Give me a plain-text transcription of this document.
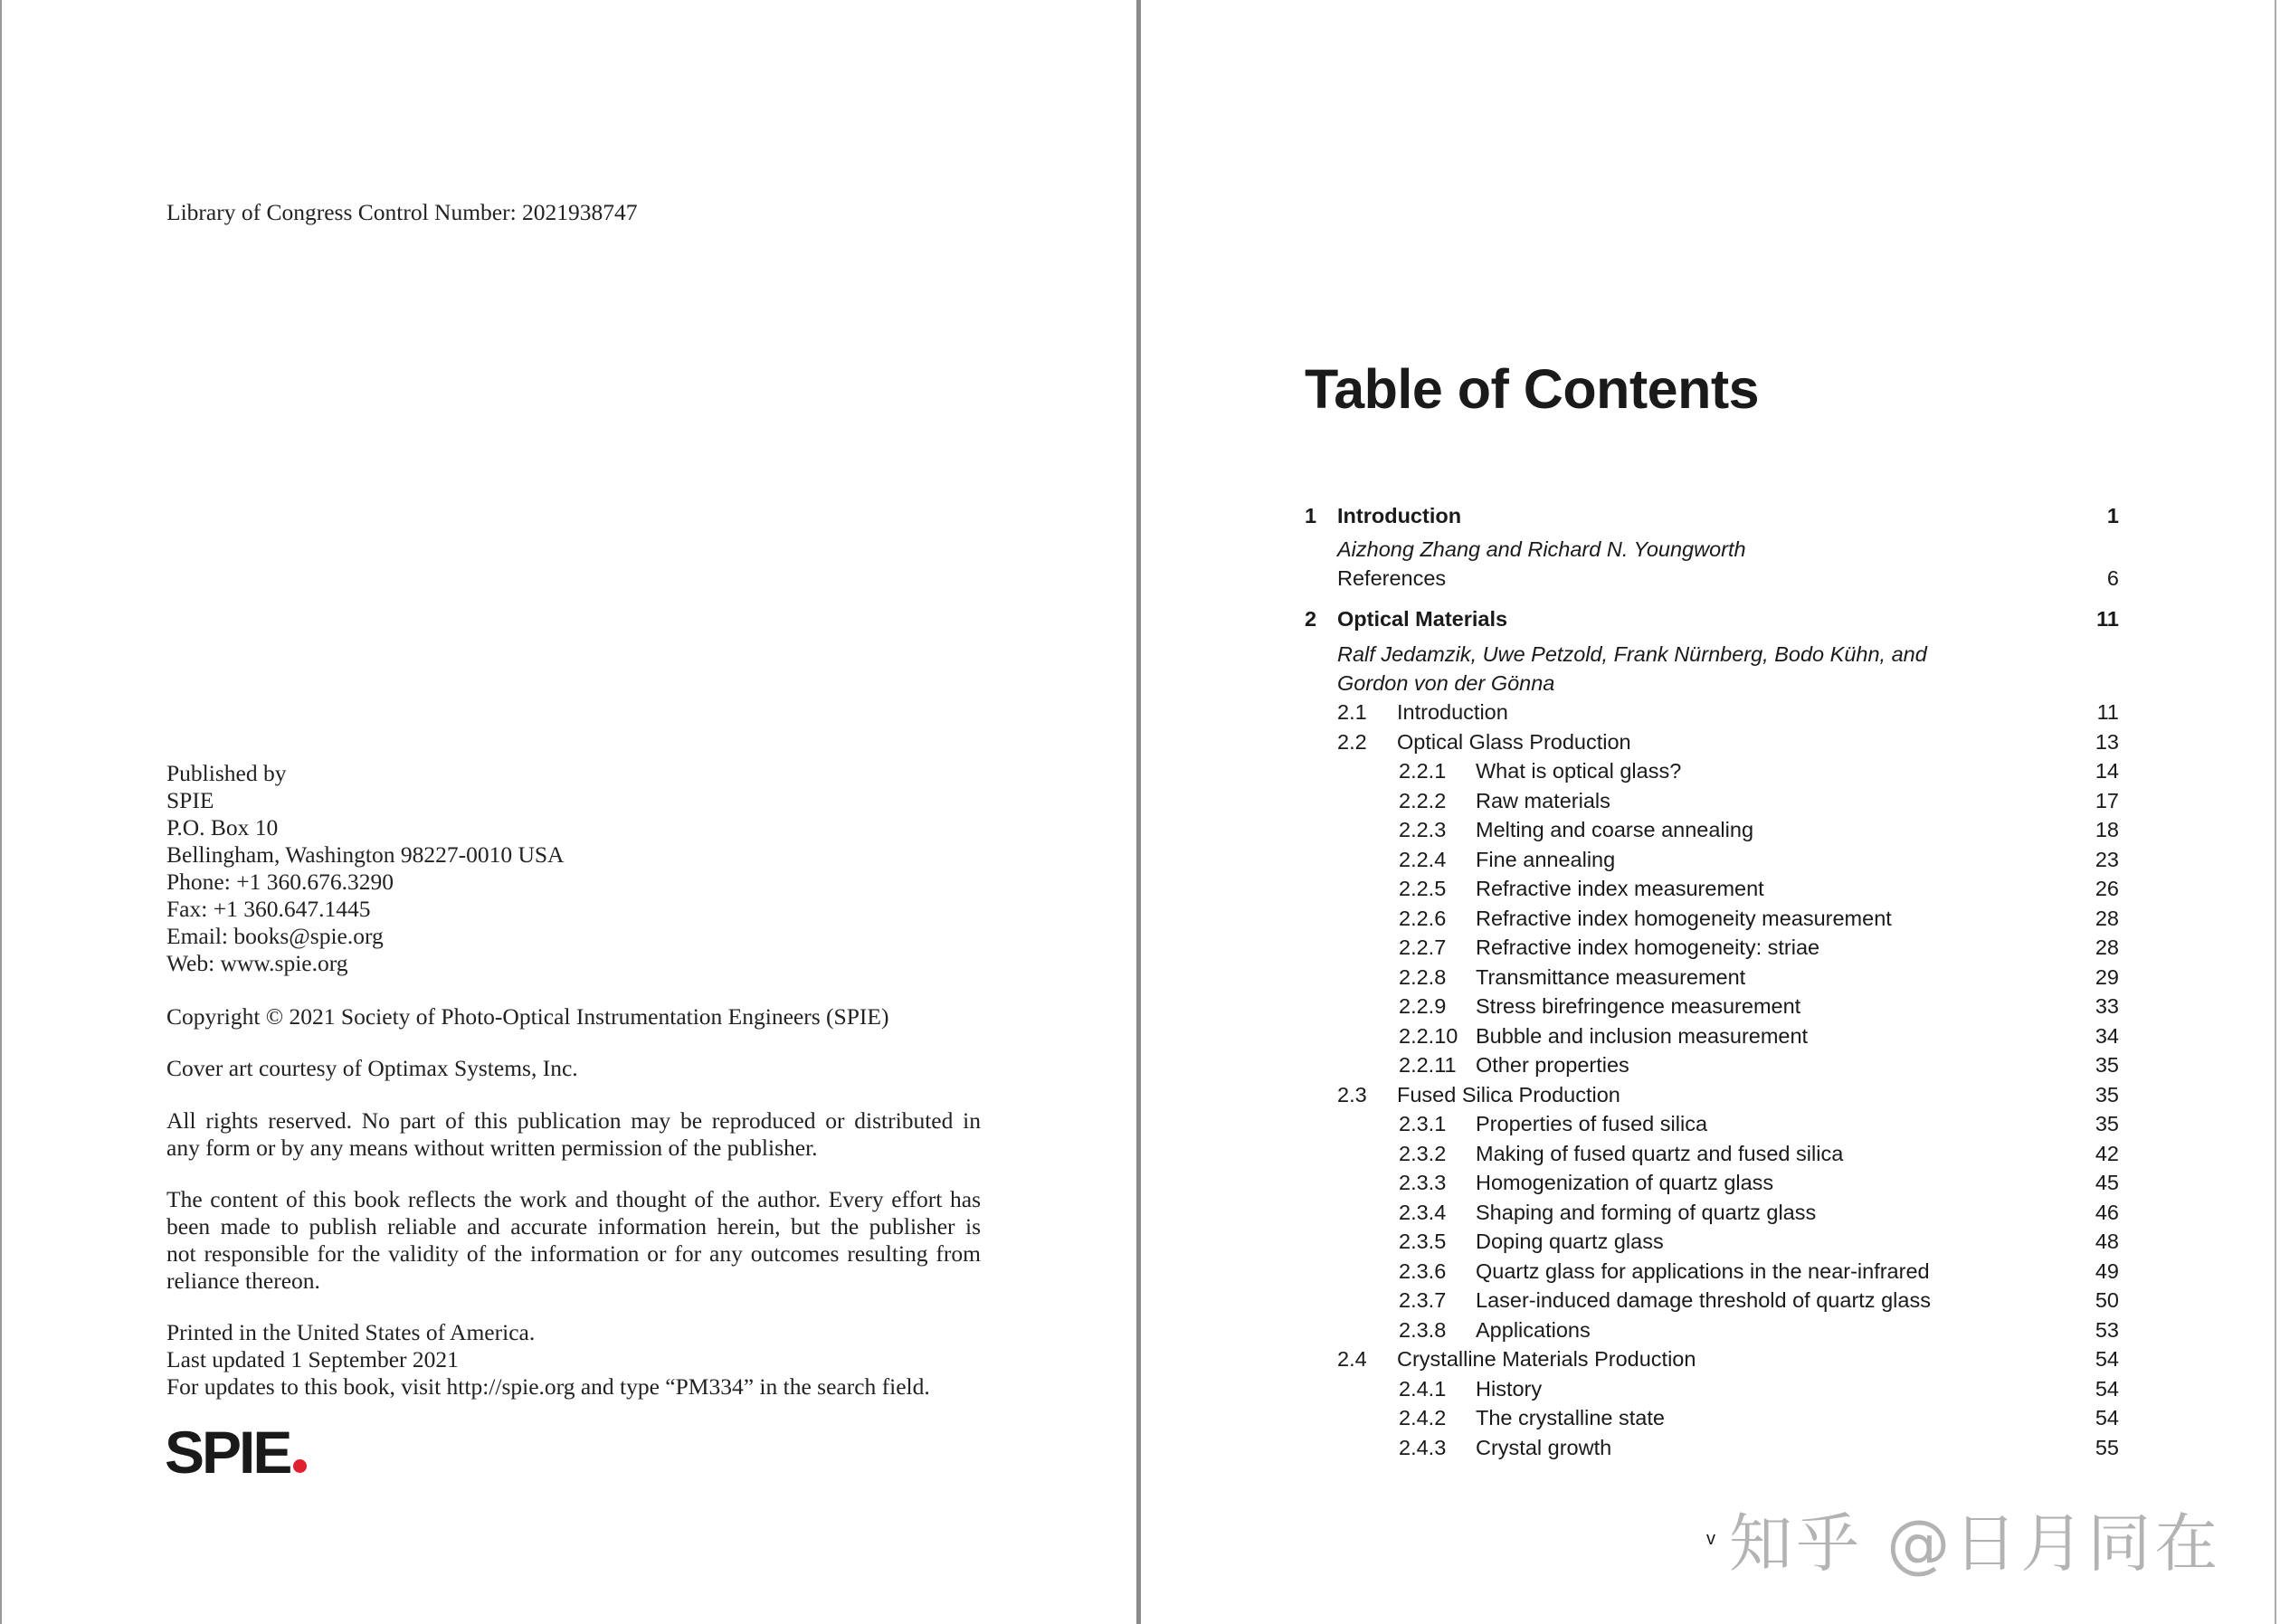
Library of Congress Control Number: 2021938747
Published by
SPIE
P.O. Box 10
Bellingham, Washington 98227-0010 USA
Phone: +1 360.676.3290
Fax: +1 360.647.1445
Email: books@spie.org
Web: www.spie.org
Copyright © 2021 Society of Photo-Optical Instrumentation Engineers (SPIE)
Cover art courtesy of Optimax Systems, Inc.
All rights reserved. No part of this publication may be reproduced or distributed in
any form or by any means without written permission of the publisher.
The content of this book reflects the work and thought of the author. Every effort has
been made to publish reliable and accurate information herein, but the publisher is
not responsible for the validity of the information or for any outcomes resulting from
reliance thereon.
Printed in the United States of America.
Last updated 1 September 2021
For updates to this book, visit http://spie.org and type “PM334” in the search field.
SPIE
Table of Contents
1 Introduction	1
Aizhong Zhang and Richard N. Youngworth
References	6
2 Optical Materials	11
Ralf Jedamzik, Uwe Petzold, Frank Nürnberg, Bodo Kühn, and
Gordon von der Gönna
2.1 Introduction	11
2.2 Optical Glass Production	13
2.2.1 What is optical glass?	14
2.2.2 Raw materials	17
2.2.3 Melting and coarse annealing	18
2.2.4 Fine annealing	23
2.2.5 Refractive index measurement	26
2.2.6 Refractive index homogeneity measurement	28
2.2.7 Refractive index homogeneity: striae	28
2.2.8 Transmittance measurement	29
2.2.9 Stress birefringence measurement	33
2.2.10 Bubble and inclusion measurement	34
2.2.11 Other properties	35
2.3 Fused Silica Production	35
2.3.1 Properties of fused silica	35
2.3.2 Making of fused quartz and fused silica	42
2.3.3 Homogenization of quartz glass	45
2.3.4 Shaping and forming of quartz glass	46
2.3.5 Doping quartz glass	48
2.3.6 Quartz glass for applications in the near-infrared	49
2.3.7 Laser-induced damage threshold of quartz glass	50
2.3.8 Applications	53
2.4 Crystalline Materials Production	54
2.4.1 History	54
2.4.2 The crystalline state	54
2.4.3 Crystal growth	55
v 知乎 @日月同在
